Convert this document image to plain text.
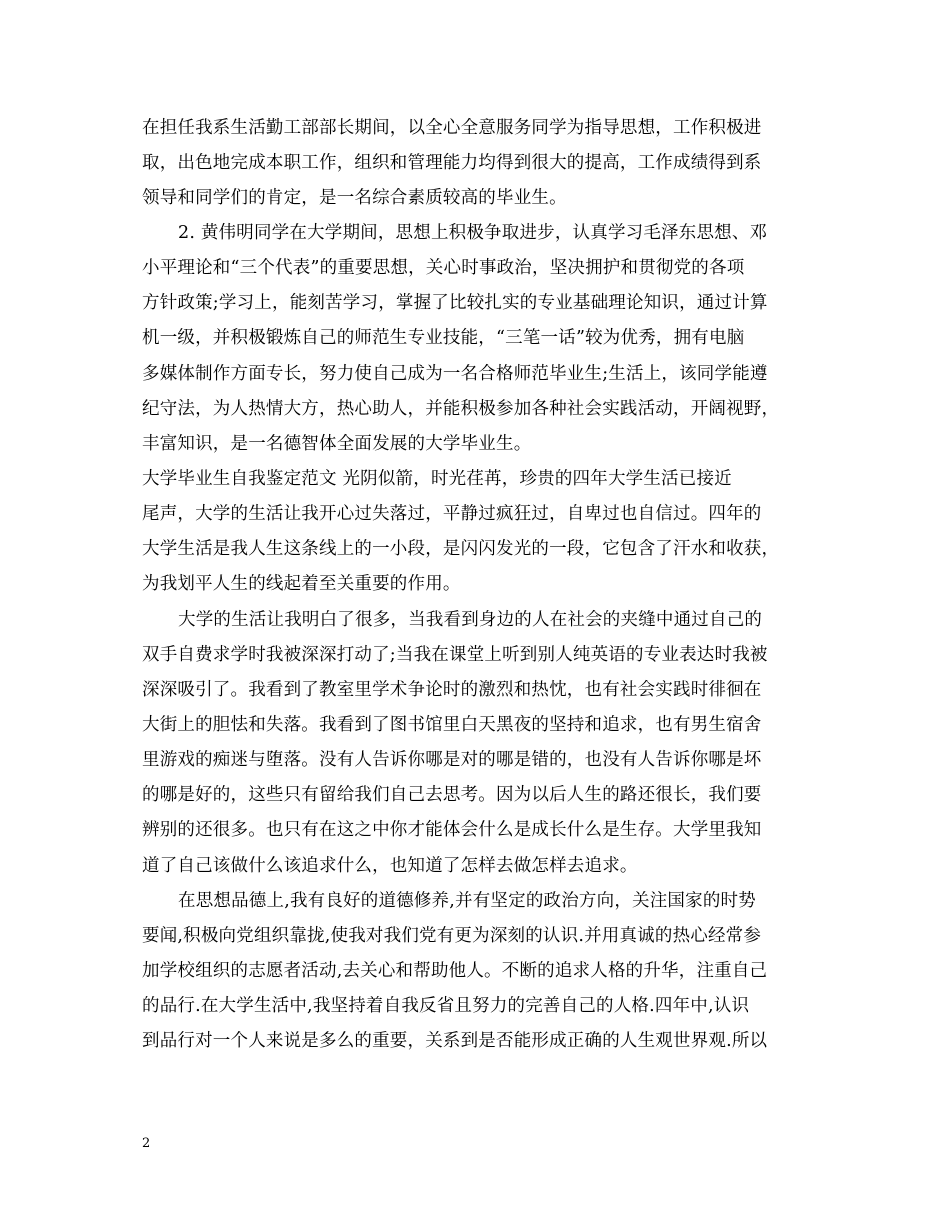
在担任我系生活勤工部部长期间，以全心全意服务同学为指导思想，工作积极进
取，出色地完成本职工作，组织和管理能力均得到很大的提高，工作成绩得到系
领导和同学们的肯定，是一名综合素质较高的毕业生。
2. 黄伟明同学在大学期间，思想上积极争取进步，认真学习毛泽东思想、邓
小平理论和“三个代表”的重要思想，关心时事政治，坚决拥护和贯彻党的各项
方针政策;学习上，能刻苦学习，掌握了比较扎实的专业基础理论知识，通过计算
机一级，并积极锻炼自己的师范生专业技能，“三笔一话”较为优秀，拥有电脑
多媒体制作方面专长，努力使自己成为一名合格师范毕业生;生活上，该同学能遵
纪守法，为人热情大方，热心助人，并能积极参加各种社会实践活动，开阔视野，
丰富知识，是一名德智体全面发展的大学毕业生。
大学毕业生自我鉴定范文 光阴似箭，时光荏苒，珍贵的四年大学生活已接近
尾声，大学的生活让我开心过失落过，平静过疯狂过，自卑过也自信过。四年的
大学生活是我人生这条线上的一小段，是闪闪发光的一段，它包含了汗水和收获，
为我划平人生的线起着至关重要的作用。
大学的生活让我明白了很多，当我看到身边的人在社会的夹缝中通过自己的
双手自费求学时我被深深打动了;当我在课堂上听到别人纯英语的专业表达时我被
深深吸引了。我看到了教室里学术争论时的激烈和热忱，也有社会实践时徘徊在
大街上的胆怯和失落。我看到了图书馆里白天黑夜的坚持和追求，也有男生宿舍
里游戏的痴迷与堕落。没有人告诉你哪是对的哪是错的，也没有人告诉你哪是坏
的哪是好的，这些只有留给我们自己去思考。因为以后人生的路还很长，我们要
辨别的还很多。也只有在这之中你才能体会什么是成长什么是生存。大学里我知
道了自己该做什么该追求什么，也知道了怎样去做怎样去追求。
在思想品德上,我有良好的道德修养,并有坚定的政治方向，关注国家的时势
要闻,积极向党组织靠拢,使我对我们党有更为深刻的认识.并用真诚的热心经常参
加学校组织的志愿者活动,去关心和帮助他人。不断的追求人格的升华，注重自己
的品行.在大学生活中,我坚持着自我反省且努力的完善自己的人格.四年中,认识
到品行对一个人来说是多么的重要，关系到是否能形成正确的人生观世界观.所以
2
